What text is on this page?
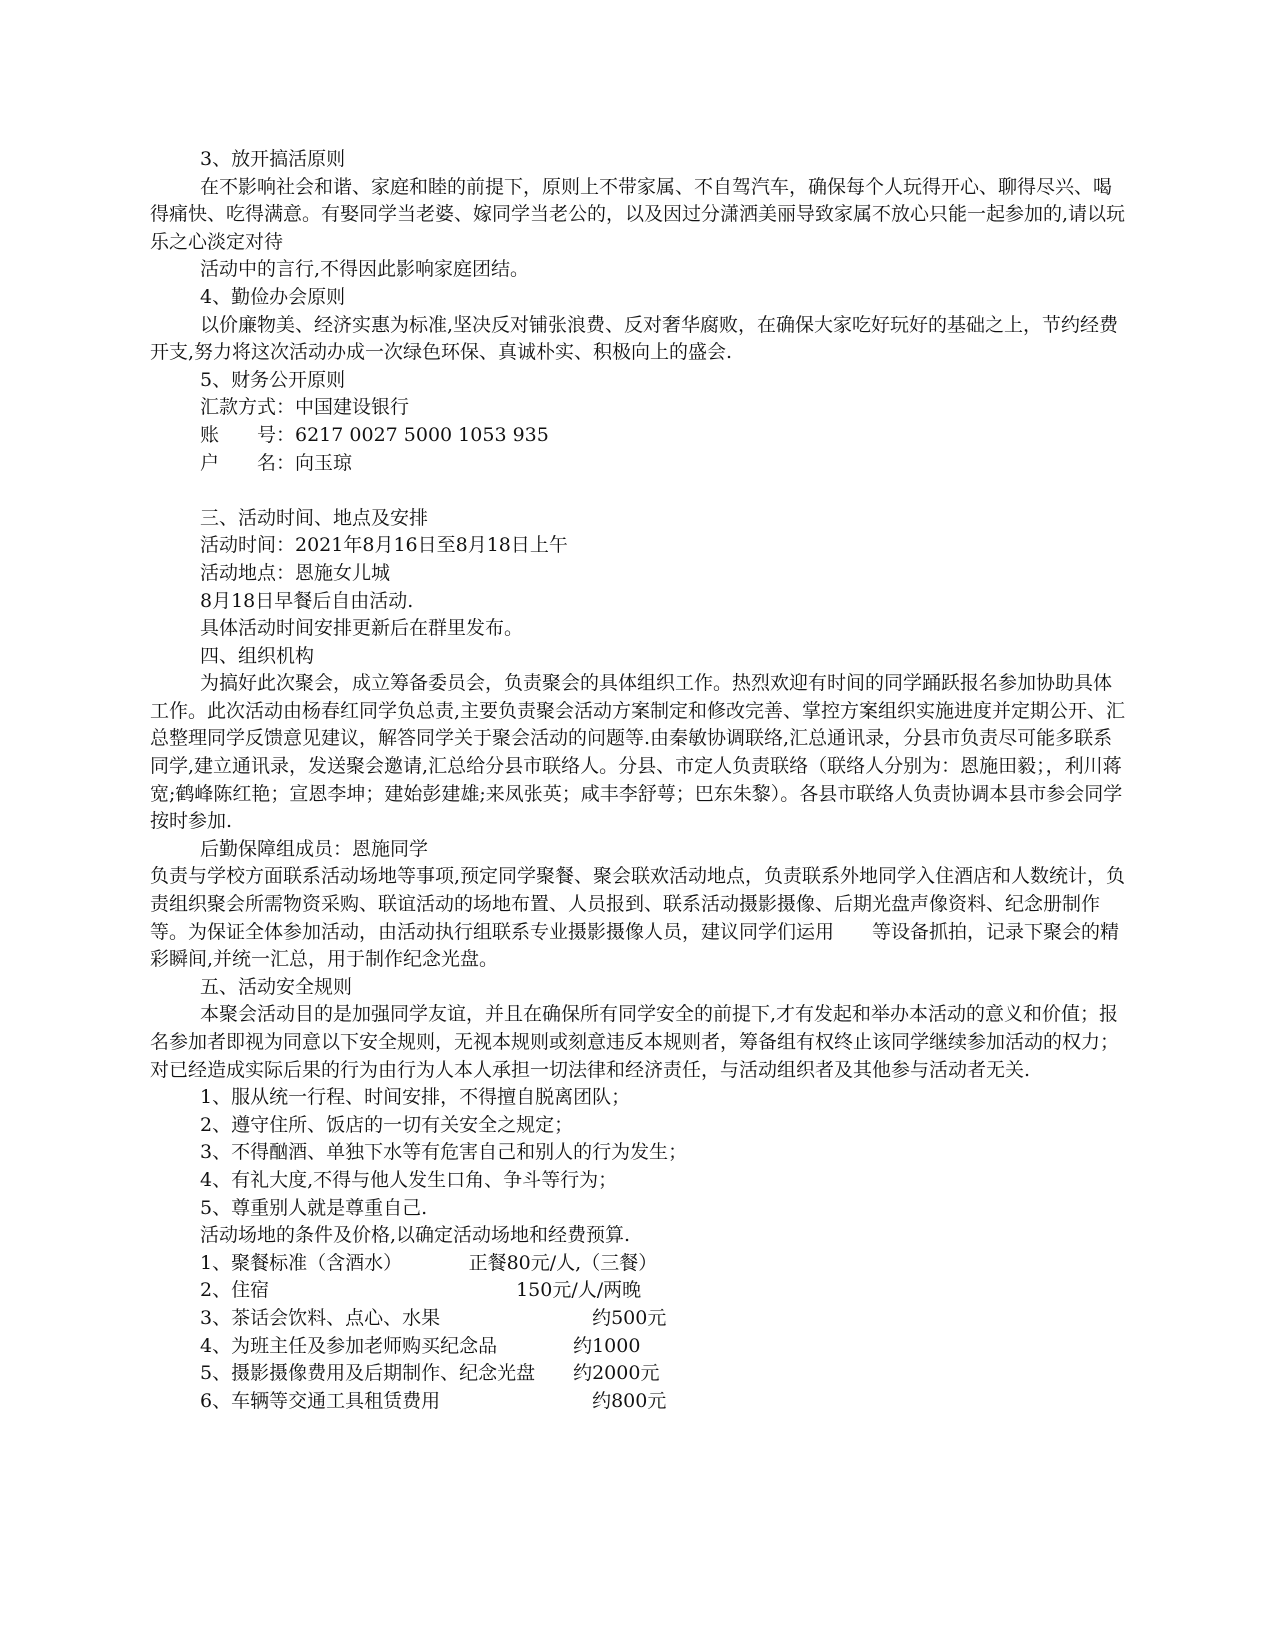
3、放开搞活原则

在不影响社会和谐、家庭和睦的前提下，原则上不带家属、不自驾汽车，确保每个人玩得开心、聊得尽兴、喝得痛快、吃得满意。有娶同学当老婆、嫁同学当老公的，以及因过分潇洒美丽导致家属不放心只能一起参加的,请以玩乐之心淡定对待

活动中的言行,不得因此影响家庭团结。

4、勤俭办会原则

以价廉物美、经济实惠为标准,坚决反对铺张浪费、反对奢华腐败，在确保大家吃好玩好的基础之上，节约经费开支,努力将这次活动办成一次绿色环保、真诚朴实、积极向上的盛会.

5、财务公开原则

汇款方式：中国建设银行

账　　号：6217 0027 5000 1053 935

户　　名：向玉琼

三、活动时间、地点及安排

活动时间：2021年8月16日至8月18日上午

活动地点：恩施女儿城

8月18日早餐后自由活动.

具体活动时间安排更新后在群里发布。

四、组织机构

为搞好此次聚会，成立筹备委员会，负责聚会的具体组织工作。热烈欢迎有时间的同学踊跃报名参加协助具体工作。此次活动由杨春红同学负总责,主要负责聚会活动方案制定和修改完善、掌控方案组织实施进度并定期公开、汇总整理同学反馈意见建议，解答同学关于聚会活动的问题等.由秦敏协调联络,汇总通讯录，分县市负责尽可能多联系同学,建立通讯录，发送聚会邀请,汇总给分县市联络人。分县、市定人负责联络（联络人分别为：恩施田毅；，利川蒋宽;鹤峰陈红艳；宣恩李坤；建始彭建雄;来凤张英；咸丰李舒萼；巴东朱黎）。各县市联络人负责协调本县市参会同学按时参加.

后勤保障组成员：恩施同学

负责与学校方面联系活动场地等事项,预定同学聚餐、聚会联欢活动地点，负责联系外地同学入住酒店和人数统计，负责组织聚会所需物资采购、联谊活动的场地布置、人员报到、联系活动摄影摄像、后期光盘声像资料、纪念册制作等。为保证全体参加活动，由活动执行组联系专业摄影摄像人员，建议同学们运用　　等设备抓拍，记录下聚会的精彩瞬间,并统一汇总，用于制作纪念光盘。

五、活动安全规则

本聚会活动目的是加强同学友谊，并且在确保所有同学安全的前提下,才有发起和举办本活动的意义和价值；报名参加者即视为同意以下安全规则，无视本规则或刻意违反本规则者，筹备组有权终止该同学继续参加活动的权力；对已经造成实际后果的行为由行为人本人承担一切法律和经济责任，与活动组织者及其他参与活动者无关.

1、服从统一行程、时间安排，不得擅自脱离团队；

2、遵守住所、饭店的一切有关安全之规定；

3、不得酗酒、单独下水等有危害自己和别人的行为发生；

4、有礼大度,不得与他人发生口角、争斗等行为；

5、尊重别人就是尊重自己.

活动场地的条件及价格,以确定活动场地和经费预算.

1、聚餐标准（含酒水）　　　　正餐80元/人,（三餐）

2、住宿　　　　　　　　　　　　　150元/人/两晚

3、茶话会饮料、点心、水果　　　　　　　　约500元

4、为班主任及参加老师购买纪念品　　　　约1000

5、摄影摄像费用及后期制作、纪念光盘　　约2000元

6、车辆等交通工具租赁费用　　　　　　　　约800元
